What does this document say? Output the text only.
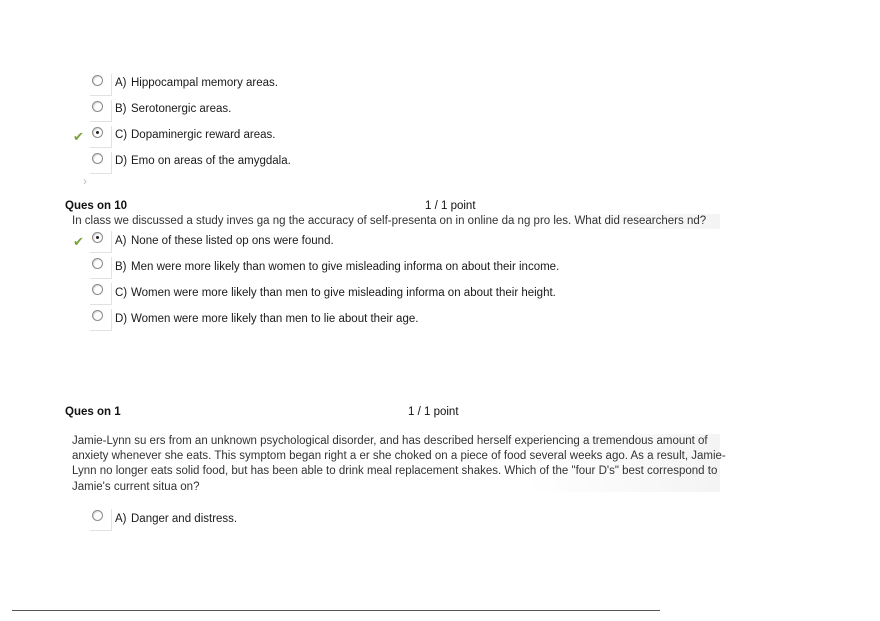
A) Hippocampal memory areas.
B) Serotonergic areas.
✔	C) Dopaminergic reward areas.
D) Emo on areas of the amygdala.
›
Ques on 10	1 / 1 point
In class we discussed a study inves ga ng the accuracy of self-presenta on in online da ng pro les. What did researchers nd?
✔	A) None of these listed op ons were found.
B) Men were more likely than women to give misleading informa on about their income.
C) Women were more likely than men to give misleading informa on about their height.
D) Women were more likely than men to lie about their age.
Ques on 1	1 / 1 point
Jamie-Lynn su ers from an unknown psychological disorder, and has described herself experiencing a tremendous amount of
anxiety whenever she eats. This symptom began right a er she choked on a piece of food several weeks ago. As a result, Jamie-
Lynn no longer eats solid food, but has been able to drink meal replacement shakes. Which of the "four D's" best correspond to
Jamie's current situa on?
A) Danger and distress.
